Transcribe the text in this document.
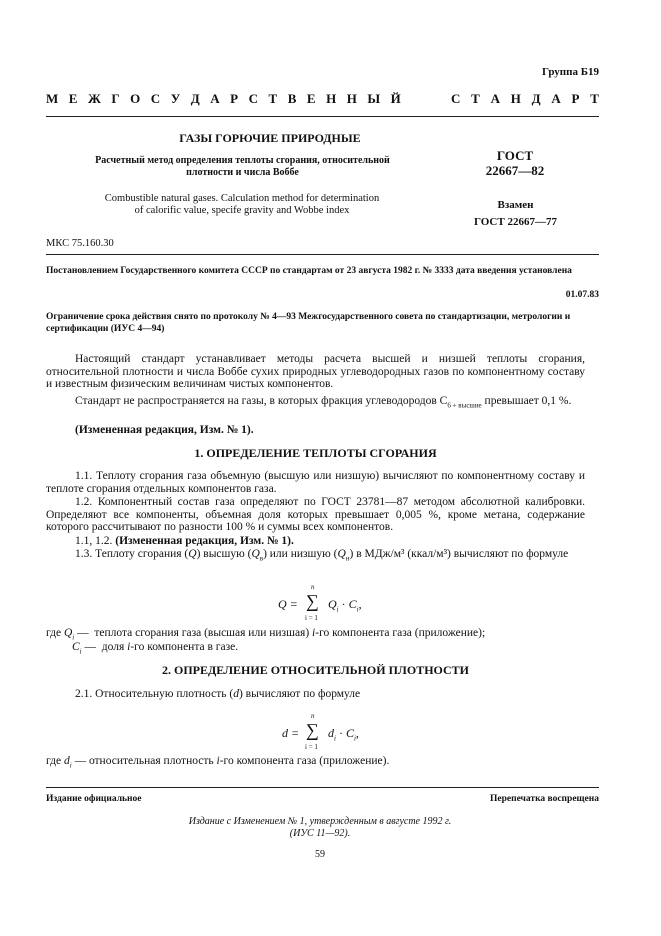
Группа Б19
М Е Ж Г О С У Д А Р С Т В Е Н Н Ы Й	С Т А Н Д А Р Т
ГАЗЫ ГОРЮЧИЕ ПРИРОДНЫЕ
Расчетный метод определения теплоты сгорания, относительной плотности и числа Воббе
Combustible natural gases. Calculation method for determination of calorific value, specife gravity and Wobbe index
ГОСТ
22667—82
Взамен
ГОСТ 22667—77
МКС 75.160.30
Постановлением Государственного комитета СССР по стандартам от 23 августа 1982 г. № 3333 дата введения установлена
01.07.83
Ограничение срока действия снято по протоколу № 4—93 Межгосударственного совета по стандартизации, метрологии и сертификации (ИУС 4—94)
Настоящий стандарт устанавливает методы расчета высшей и низшей теплоты сгорания, относительной плотности и числа Воббе сухих природных углеводородных газов по компонентному составу и известным физическим величинам чистых компонентов.
Стандарт не распространяется на газы, в которых фракция углеводородов $С_{6 + высшие}$ превышает 0,1 %.
(Измененная редакция, Изм. № 1).
1. ОПРЕДЕЛЕНИЕ ТЕПЛОТЫ СГОРАНИЯ
1.1. Теплоту сгорания газа объемную (высшую или низшую) вычисляют по компонентному составу и теплоте сгорания отдельных компонентов газа.
1.2. Компонентный состав газа определяют по ГОСТ 23781—87 методом абсолютной калибровки. Определяют все компоненты, объемная доля которых превышает 0,005 %, кроме метана, содержание которого рассчитывают по разности 100 % и суммы всех компонентов.
1.1, 1.2. (Измененная редакция, Изм. № 1).
1.3. Теплоту сгорания (Q) высшую $(Q_в)$ или низшую $(Q_н)$ в МДж/м³ (ккал/м³) вычисляют по формуле
Q =
n
∑
i = 1
$Q_i \cdot C_i$,
где $Q_i$ — теплота сгорания газа (высшая или низшая) i-го компонента газа (приложение);
$C_i$ — доля i-го компонента в газе.
2. ОПРЕДЕЛЕНИЕ ОТНОСИТЕЛЬНОЙ ПЛОТНОСТИ
2.1. Относительную плотность (d) вычисляют по формуле
d =
n
∑
i = 1
$d_i \cdot C_i$,
где $d_i$ — относительная плотность i-го компонента газа (приложение).
Издание официальное	Перепечатка воспрещена
Издание с Изменением № 1, утвержденным в августе 1992 г.
(ИУС 11—92).
59
